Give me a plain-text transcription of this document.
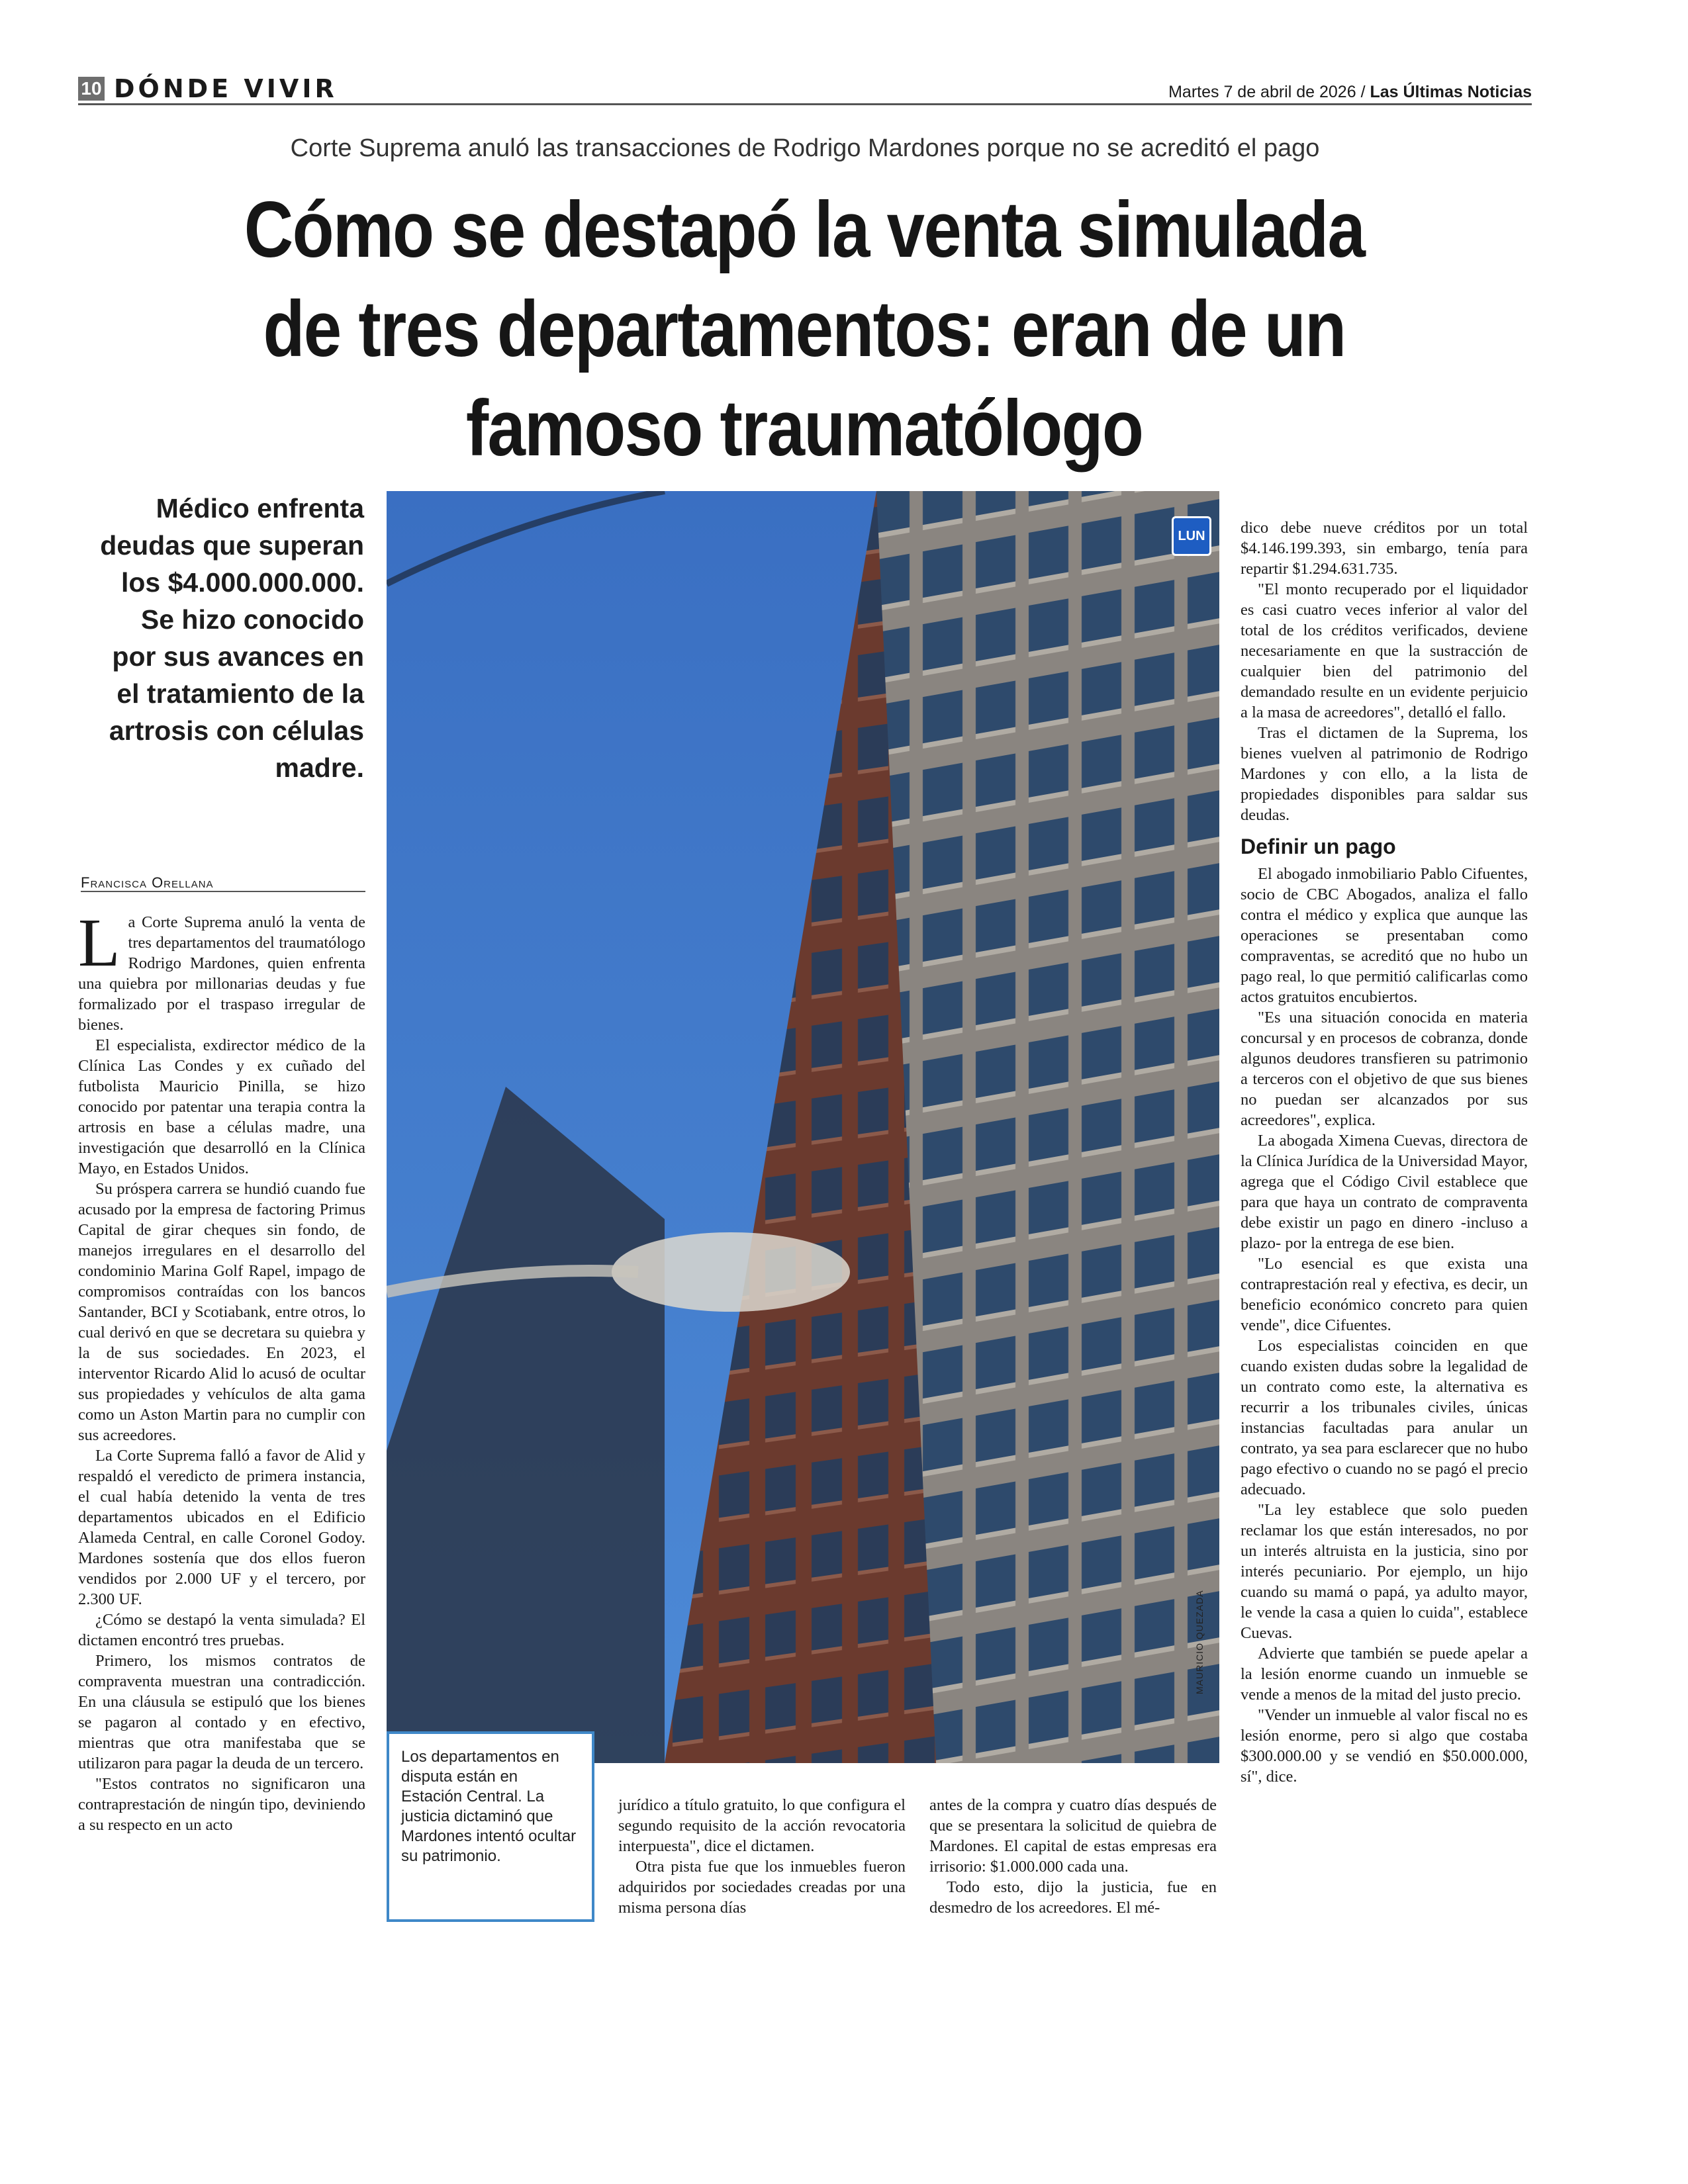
10 DÓNDE VIVIR	Martes 7 de abril de 2026 / Las Últimas Noticias
Corte Suprema anuló las transacciones de Rodrigo Mardones porque no se acreditó el pago
Cómo se destapó la venta simulada
de tres departamentos: eran de un
famoso traumatólogo
Médico enfrenta deudas que superan los $4.000.000.000. Se hizo conocido por sus avances en el tratamiento de la artrosis con células madre.
Francisca Orellana

La Corte Suprema anuló la venta de tres departamentos del traumatólogo Rodrigo Mardones, quien enfrenta una quiebra por millonarias deudas y fue formalizado por el traspaso irregular de bienes.

El especialista, exdirector médico de la Clínica Las Condes y ex cuñado del futbolista Mauricio Pinilla, se hizo conocido por patentar una terapia contra la artrosis en base a células madre, una investigación que desarrolló en la Clínica Mayo, en Estados Unidos.

Su próspera carrera se hundió cuando fue acusado por la empresa de factoring Primus Capital de girar cheques sin fondo, de manejos irregulares en el desarrollo del condominio Marina Golf Rapel, impago de compromisos contraídas con los bancos Santander, BCI y Scotiabank, entre otros, lo cual derivó en que se decretara su quiebra y la de sus sociedades. En 2023, el interventor Ricardo Alid lo acusó de ocultar sus propiedades y vehículos de alta gama como un Aston Martin para no cumplir con sus acreedores.

La Corte Suprema falló a favor de Alid y respaldó el veredicto de primera instancia, el cual había detenido la venta de tres departamentos ubicados en el Edificio Alameda Central, en calle Coronel Godoy. Mardones sostenía que dos ellos fueron vendidos por 2.000 UF y el tercero, por 2.300 UF.

¿Cómo se destapó la venta simulada? El dictamen encontró tres pruebas.

Primero, los mismos contratos de compraventa muestran una contradicción. En una cláusula se estipuló que los bienes se pagaron al contado y en efectivo, mientras que otra manifestaba que se utilizaron para pagar la deuda de un tercero.

"Estos contratos no significaron una contraprestación de ningún tipo, deviniendo a su respecto en un acto

LUN
MAURICIO QUEZADA
Los departamentos en disputa están en Estación Central. La justicia dictaminó que Mardones intentó ocultar su patrimonio.

jurídico a título gratuito, lo que configura el segundo requisito de la acción revocatoria interpuesta", dice el dictamen.

Otra pista fue que los inmuebles fueron adquiridos por sociedades creadas por una misma persona días

antes de la compra y cuatro días después de que se presentara la solicitud de quiebra de Mardones. El capital de estas empresas era irrisorio: $1.000.000 cada una.

Todo esto, dijo la justicia, fue en desmedro de los acreedores. El mé-

dico debe nueve créditos por un total $4.146.199.393, sin embargo, tenía para repartir $1.294.631.735.

"El monto recuperado por el liquidador es casi cuatro veces inferior al valor del total de los créditos verificados, deviene necesariamente en que la sustracción de cualquier bien del patrimonio del demandado resulte en un evidente perjuicio a la masa de acreedores", detalló el fallo.

Tras el dictamen de la Suprema, los bienes vuelven al patrimonio de Rodrigo Mardones y con ello, a la lista de propiedades disponibles para saldar sus deudas.

Definir un pago

El abogado inmobiliario Pablo Cifuentes, socio de CBC Abogados, analiza el fallo contra el médico y explica que aunque las operaciones se presentaban como compraventas, se acreditó que no hubo un pago real, lo que permitió calificarlas como actos gratuitos encubiertos.

"Es una situación conocida en materia concursal y en procesos de cobranza, donde algunos deudores transfieren su patrimonio a terceros con el objetivo de que sus bienes no puedan ser alcanzados por sus acreedores", explica.

La abogada Ximena Cuevas, directora de la Clínica Jurídica de la Universidad Mayor, agrega que el Código Civil establece que para que haya un contrato de compraventa debe existir un pago en dinero -incluso a plazo- por la entrega de ese bien.

"Lo esencial es que exista una contraprestación real y efectiva, es decir, un beneficio económico concreto para quien vende", dice Cifuentes.

Los especialistas coinciden en que cuando existen dudas sobre la legalidad de un contrato como este, la alternativa es recurrir a los tribunales civiles, únicas instancias facultadas para anular un contrato, ya sea para esclarecer que no hubo pago efectivo o cuando no se pagó el precio adecuado.

"La ley establece que solo pueden reclamar los que están interesados, no por un interés altruista en la justicia, sino por interés pecuniario. Por ejemplo, un hijo cuando su mamá o papá, ya adulto mayor, le vende la casa a quien lo cuida", establece Cuevas.

Advierte que también se puede apelar a la lesión enorme cuando un inmueble se vende a menos de la mitad del justo precio.

"Vender un inmueble al valor fiscal no es lesión enorme, pero si algo que costaba $300.000.00 y se vendió en $50.000.000, sí", dice.
